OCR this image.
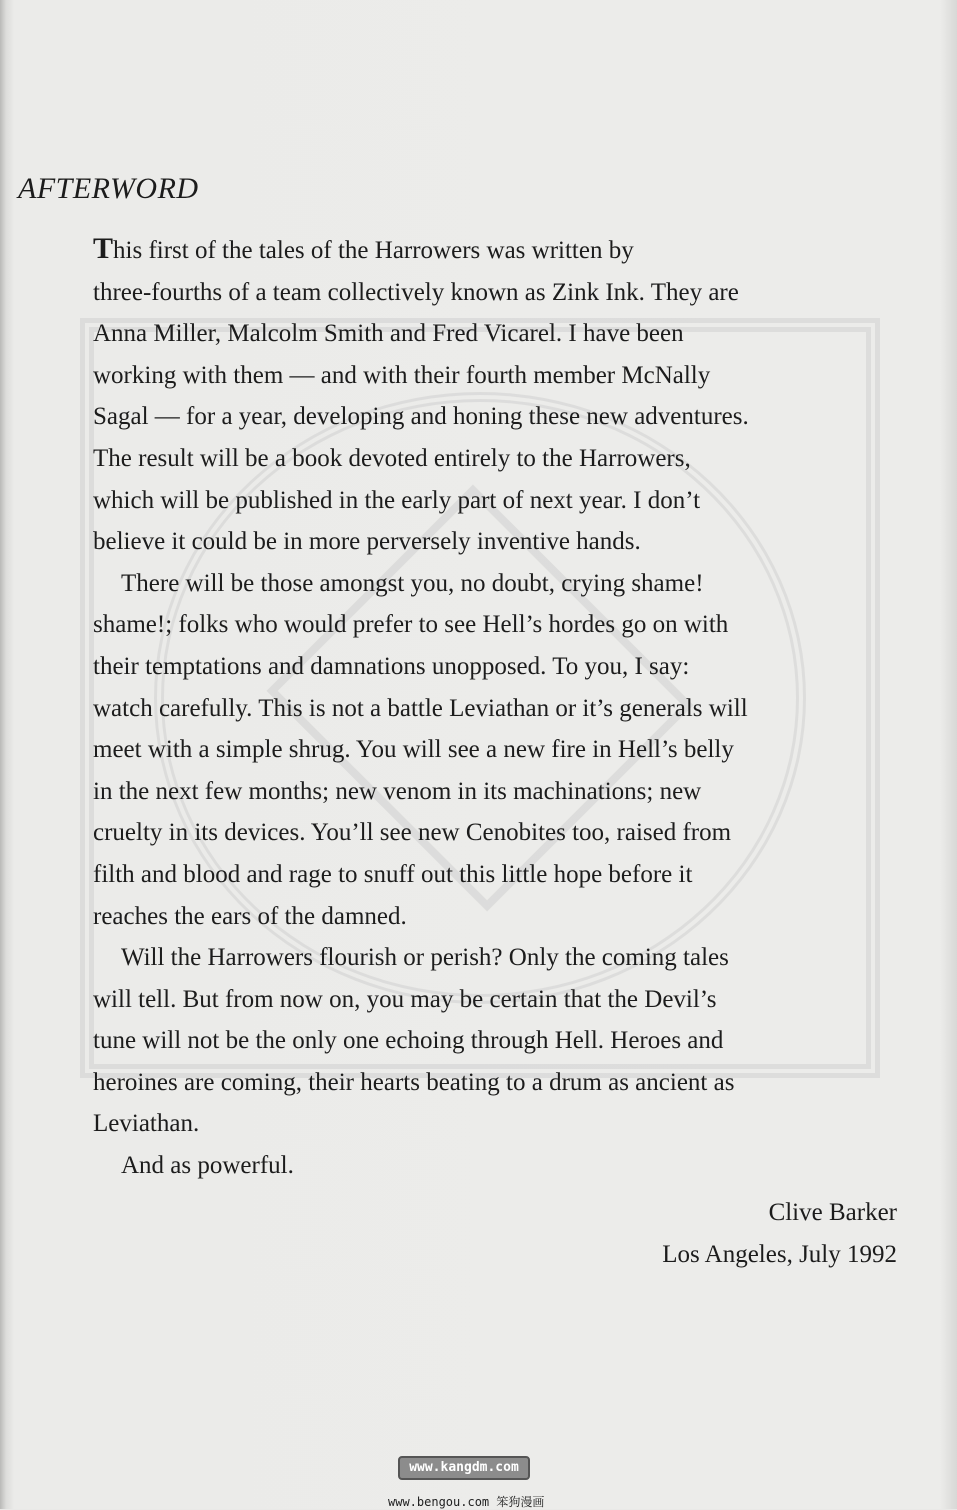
AFTERWORD

This first of the tales of the Harrowers was written by
three-fourths of a team collectively known as Zink Ink. They are
Anna Miller, Malcolm Smith and Fred Vicarel. I have been
working with them — and with their fourth member McNally
Sagal — for a year, developing and honing these new adventures.
The result will be a book devoted entirely to the Harrowers,
which will be published in the early part of next year. I don’t
believe it could be in more perversely inventive hands.

There will be those amongst you, no doubt, crying shame!
shame!; folks who would prefer to see Hell’s hordes go on with
their temptations and damnations unopposed. To you, I say:
watch carefully. This is not a battle Leviathan or it’s generals will
meet with a simple shrug. You will see a new fire in Hell’s belly
in the next few months; new venom in its machinations; new
cruelty in its devices. You’ll see new Cenobites too, raised from
filth and blood and rage to snuff out this little hope before it
reaches the ears of the damned.

Will the Harrowers flourish or perish? Only the coming tales
will tell. But from now on, you may be certain that the Devil’s
tune will not be the only one echoing through Hell. Heroes and
heroines are coming, their hearts beating to a drum as ancient as
Leviathan.

And as powerful.

Clive Barker
Los Angeles, July 1992
www.kangdm.com
www.bengou.com 笨狗漫画
